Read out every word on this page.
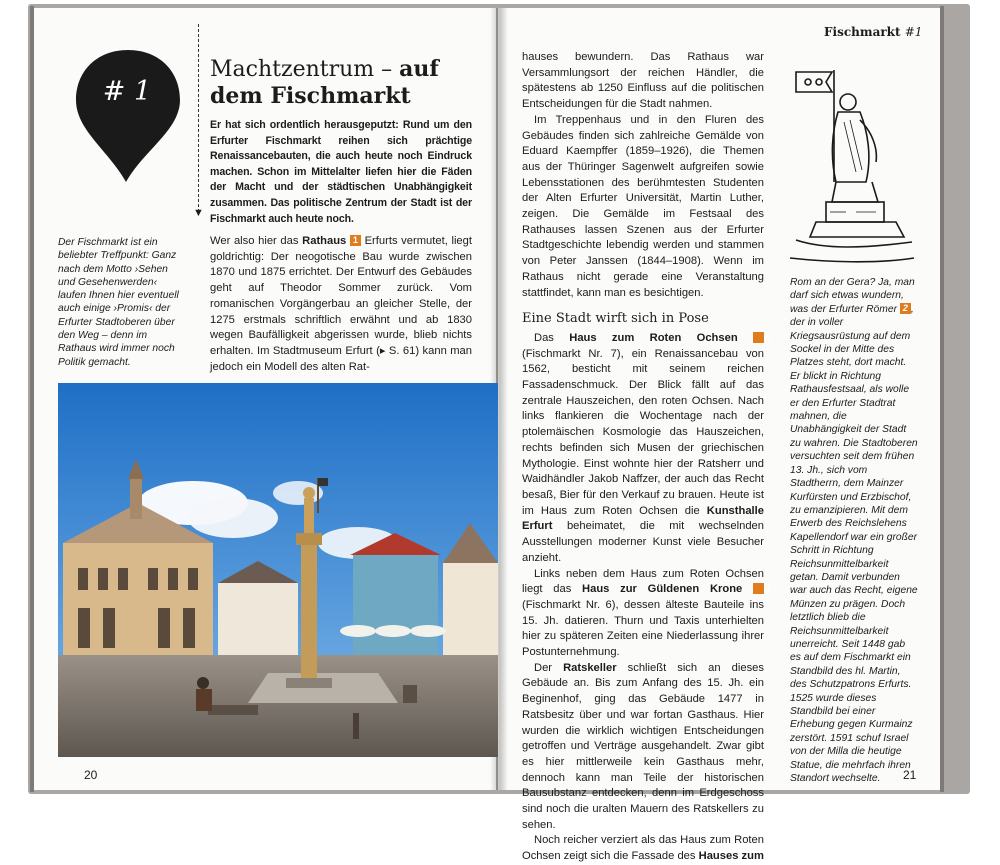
# 1
▼
Machtzentrum – auf
dem Fischmarkt
Er hat sich ordentlich herausgeputzt: Rund um den Erfurter Fischmarkt reihen sich prächtige Renaissancebauten, die auch heute noch Eindruck machen. Schon im Mittelalter liefen hier die Fäden der Macht und der städtischen Unabhängigkeit zusammen. Das politische Zentrum der Stadt ist der Fischmarkt auch heute noch.
Der Fischmarkt ist ein beliebter Treffpunkt: Ganz nach dem Motto ›Sehen und Gesehenwerden‹ laufen Ihnen hier eventuell auch einige ›Promis‹ der Erfurter Stadtoberen über den Weg – denn im Rathaus wird immer noch Politik gemacht.
Wer also hier das Rathaus 1 Erfurts vermutet, liegt goldrichtig: Der neogotische Bau wurde zwischen 1870 und 1875 errichtet. Der Entwurf des Gebäudes geht auf Theodor Sommer zurück. Vom romanischen Vorgängerbau an gleicher Stelle, der 1275 erstmals schriftlich erwähnt und ab 1830 wegen Baufälligkeit abgerissen wurde, blieb nichts erhalten. Im Stadtmuseum Erfurt (▸ S. 61) kann man jedoch ein Modell des alten Rat-
20
Fischmarkt #1

hauses bewundern. Das Rathaus war Versammlungsort der reichen Händler, die spätestens ab 1250 Einfluss auf die politischen Entscheidungen für die Stadt nahmen.

Im Treppenhaus und in den Fluren des Gebäudes finden sich zahlreiche Gemälde von Eduard Kaempffer (1859–1926), die Themen aus der Thüringer Sagenwelt aufgreifen sowie Lebensstationen des berühmtesten Studenten der Alten Erfurter Universität, Martin Luther, zeigen. Die Gemälde im Festsaal des Rathauses lassen Szenen aus der Erfurter Stadtgeschichte lebendig werden und stammen von Peter Janssen (1844–1908). Wenn im Rathaus nicht gerade eine Veranstaltung stattfindet, kann man es besichtigen.

Eine Stadt wirft sich in Pose

Das Haus zum Roten Ochsen	3 (Fischmarkt Nr. 7), ein Renaissancebau von 1562, besticht mit seinem reichen Fassadenschmuck. Der Blick fällt auf das zentrale Hauszeichen, den roten Ochsen. Nach links flankieren die Wochentage nach der ptolemäischen Kosmologie das Hauszeichen, rechts befinden sich Musen der griechischen Mythologie. Einst wohnte hier der Ratsherr und Waidhändler Jakob Naffzer, der auch das Recht besaß, Bier für den Verkauf zu brauen. Heute ist im Haus zum Roten Ochsen die Kunsthalle Erfurt beheimatet, die mit wechselnden Ausstellungen moderner Kunst viele Besucher anzieht.

Links neben dem Haus zum Roten Ochsen liegt das Haus zur Güldenen Krone	4 (Fischmarkt Nr. 6), dessen älteste Bauteile ins 15. Jh. datieren. Thurn und Taxis unterhielten hier zu späteren Zeiten eine Niederlassung ihrer Postunternehmung.

Der Ratskeller schließt sich an dieses Gebäude an. Bis zum Anfang des 15. Jh. ein Beginenhof, ging das Gebäude 1477 in Ratsbesitz über und war fortan Gasthaus. Hier wurden die wirklich wichtigen Entscheidungen getroffen und Verträge ausgehandelt. Zwar gibt es hier mittlerweile kein Gasthaus mehr, dennoch kann man Teile der historischen Bausubstanz entdecken, denn im Erdgeschoss sind noch die uralten Mauern des Ratskellers zu sehen.

Noch reicher verziert als das Haus zum Roten Ochsen zeigt sich die Fassade des Hauses zum

Rom an der Gera? Ja, man darf sich etwas wundern, was der Erfurter Römer 2 , der in voller Kriegsausrüstung auf dem Sockel in der Mitte des Platzes steht, dort macht. Er blickt in Richtung Rathausfestsaal, als wolle er den Erfurter Stadtrat mahnen, die Unabhängigkeit der Stadt zu wahren. Die Stadtoberen versuchten seit dem frühen 13. Jh., sich vom Stadtherrn, dem Mainzer Kurfürsten und Erzbischof, zu emanzipieren. Mit dem Erwerb des Reichslehens Kapellendorf war ein großer Schritt in Richtung Reichsunmittelbarkeit getan. Damit verbunden war auch das Recht, eigene Münzen zu prägen. Doch letztlich blieb die Reichsunmittelbarkeit unerreicht. Seit 1448 gab es auf dem Fischmarkt ein Standbild des hl. Martin, des Schutzpatrons Erfurts. 1525 wurde dieses Standbild bei einer Erhebung gegen Kurmainz zerstört. 1591 schuf Israel von der Milla die heutige Statue, die mehrfach ihren Standort wechselte.	21
